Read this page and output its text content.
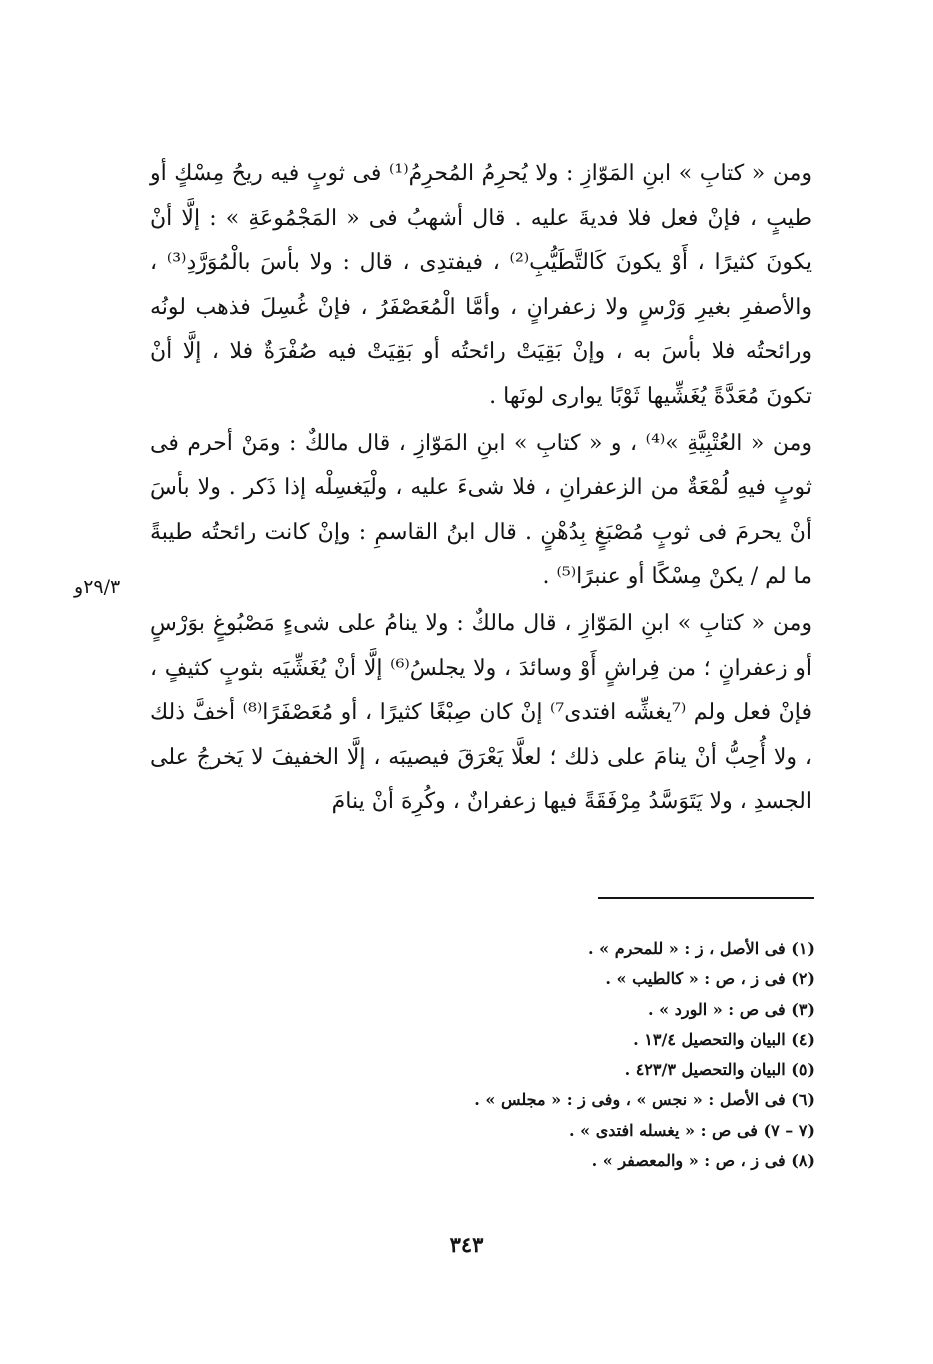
ومن « كتابِ » ابنِ المَوّازِ : ولا يُحرِمُ المُحرِمُ⁽¹⁾ فى ثوبٍ فيه ريحُ مِسْكٍ أو طيبٍ ، فإنْ فعل فلا فديةَ عليه . قال أشهبُ فى « المَجْمُوعَةِ » : إلَّا أنْ يكونَ كثيرًا ، أَوْ يكونَ كَالتَّطَيُّبِ⁽²⁾ ، فيفتدِى ، قال : ولا بأسَ بالْمُوَرَّدِ⁽³⁾ ، والأصفرِ بغيرِ وَرْسٍ ولا زعفرانٍ ، وأمَّا الْمُعَصْفَرُ ، فإنْ غُسِلَ فذهب لونُه ورائحتُه فلا بأسَ به ، وإنْ بَقِيَتْ رائحتُه أو بَقِيَتْ فيه صُفْرَةٌ فلا ، إلَّا أنْ تكونَ مُعَدَّةً يُغَشِّيها ثَوْبًا يوارى لونَها .

ومن « العُتْبِيَّةِ »⁽⁴⁾ ، و « كتابِ » ابنِ المَوّازِ ، قال مالكٌ : ومَنْ أحرم فى ثوبٍ فيهِ لُمْعَةٌ من الزعفرانِ ، فلا شىءَ عليه ، ولْيَغسِلْه إذا ذَكر . ولا بأسَ أنْ يحرمَ فى ثوبٍ مُصْبَغٍ بِدُهْنٍ . قال ابنُ القاسمِ : وإنْ كانت رائحتُه طيبةً ما لم / يكنْ مِسْكًا أو عنبرًا⁽⁵⁾ .

ومن « كتابِ » ابنِ المَوّازِ ، قال مالكٌ : ولا ينامُ على شىءٍ مَصْبُوغٍ بوَرْسٍ أو زعفرانٍ ؛ من فِراشٍ أَوْ وسائدَ ، ولا يجلسُ⁽⁶⁾ إلَّا أنْ يُغَشِّيَه بثوبٍ كثيفٍ ، فإنْ فعل ولم ⁽⁷يغشِّه افتدى⁷⁾ إنْ كان صِبْغًا كثيرًا ، أو مُعَصْفَرًا⁽⁸⁾ أخفَّ ذلك ، ولا أُحِبُّ أنْ ينامَ على ذلك ؛ لعلَّا يَعْرَقَ فيصيبَه ، إلَّا الخفيفَ لا يَخرجُ على الجسدِ ، ولا يَتَوَسَّدُ مِرْفَقَةً فيها زعفرانٌ ، وكُرِهَ أنْ ينامَ

۲۹/۳و
(١) فى الأصل ، ز : « للمحرم » .
(٢) فى ز ، ص : « كالطيب » .
(٣) فى ص : « الورد » .
(٤) البيان والتحصيل ١٣/٤ .
(٥) البيان والتحصيل ٤٢٣/٣ .
(٦) فى الأصل : « نجس » ، وفى ز : « مجلس » .
(٧ – ٧) فى ص : « يغسله افتدى » .
(٨) فى ز ، ص : « والمعصفر » .
٣٤٣
